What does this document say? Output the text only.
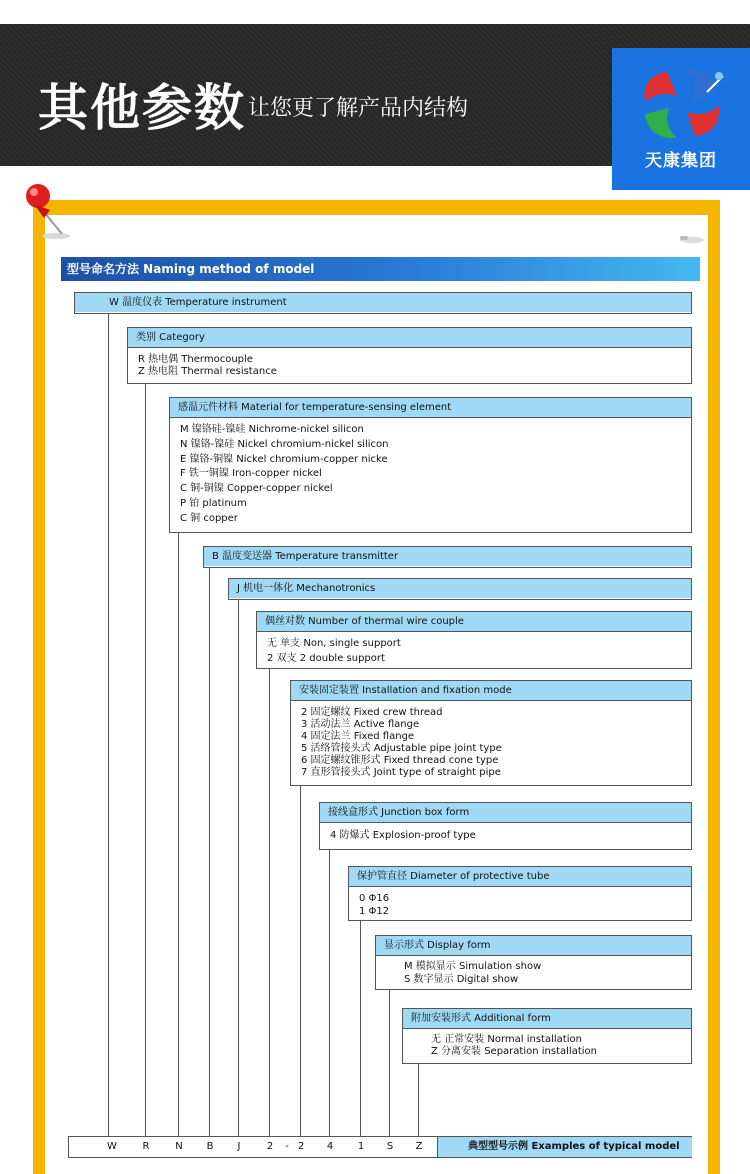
其他参数 让您更了解产品内结构
天康集团
型号命名方法 Naming method of model
W 温度仪表 Temperature instrument
类别 Category
R 热电偶 Thermocouple
Z 热电阻 Thermal resistance
感温元件材料 Material for temperature-sensing element
M 镍铬硅-镍硅 Nichrome-nickel silicon
N 镍铬-镍硅 Nickel chromium-nickel silicon
E 镍铬-铜镍 Nickel chromium-copper nicke
F 铁一铜镍 Iron-copper nickel
C 铜-铜镍 Copper-copper nickel
P 铂 platinum
C 铜 copper
B 温度变送器 Temperature transmitter
J 机电一体化 Mechanotronics
偶丝对数 Number of thermal wire couple
无 单支 Non, single support
2 双支 2 double support
安装固定装置 Installation and fixation mode
2 固定螺纹 Fixed crew thread
3 活动法兰 Active flange
4 固定法兰 Fixed flange
5 活络管接头式 Adjustable pipe joint type
6 固定螺纹锥形式 Fixed thread cone type
7 直形管接头式 Joint type of straight pipe
接线盒形式 Junction box form
4 防爆式 Explosion-proof type
保护管直径 Diameter of protective tube
0 Φ16
1 Φ12
显示形式 Display form
M 模拟显示 Simulation show
S 数字显示 Digital show
附加安装形式 Additional form
无 正常安装 Normal installation
Z 分离安装 Separation installation
W	R	N B J	2 - 2 4 1 S Z	典型型号示例 Examples of typical model
